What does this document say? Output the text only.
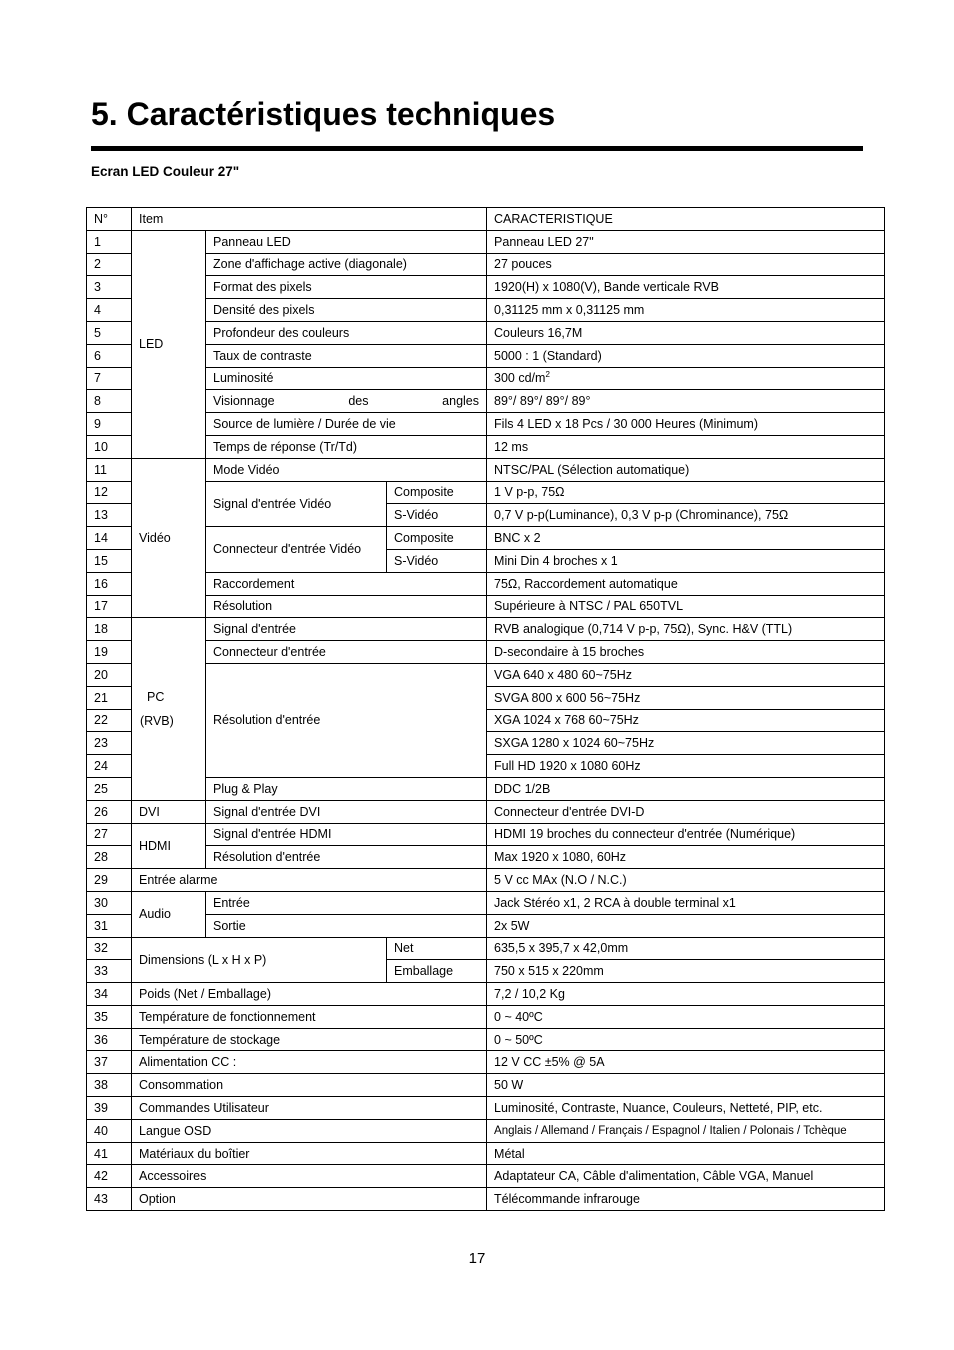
5. Caractéristiques techniques
Ecran LED Couleur 27"
N°	Item			CARACTERISTIQUE
1	LED	Panneau LED		Panneau LED 27"
2		Zone d'affichage active (diagonale)		27 pouces
3		Format des pixels		1920(H) x 1080(V), Bande verticale RVB
4		Densité des pixels		0,31125 mm x 0,31125 mm
5		Profondeur des couleurs		Couleurs 16,7M
6		Taux de contraste		5000 : 1 (Standard)
7		Luminosité		300 $cd/m^2$
8		Visionnage des angles		89°/ 89°/ 89°/ 89°
9		Source de lumière / Durée de vie		Fils 4 LED x 18 Pcs / 30 000 Heures (Minimum)
10		Temps de réponse (Tr/Td)		12 ms
11	Vidéo	Mode Vidéo		NTSC/PAL (Sélection automatique)
12		Signal d'entrée Vidéo	Composite	1 V p-p, 75Ω
13			S-Vidéo	0,7 V p-p(Luminance), 0,3 V p-p (Chrominance), 75Ω
14		Connecteur d'entrée Vidéo	Composite	BNC x 2
15			S-Vidéo	Mini Din 4 broches x 1
16		Raccordement		75Ω, Raccordement automatique
17		Résolution		Supérieure à NTSC / PAL 650TVL
18	PC
(RVB)	Signal d'entrée		RVB analogique (0,714 V p-p, 75Ω), Sync. H&V (TTL)
19		Connecteur d'entrée		D-secondaire à 15 broches
20		Résolution d'entrée		VGA 640 x 480 60~75Hz
21				SVGA 800 x 600 56~75Hz
22				XGA 1024 x 768 60~75Hz
23				SXGA 1280 x 1024 60~75Hz
24				Full HD 1920 x 1080 60Hz
25		Plug & Play		DDC 1/2B
26	DVI	Signal d'entrée DVI		Connecteur d'entrée DVI-D
27	HDMI	Signal d'entrée HDMI		HDMI 19 broches du connecteur d'entrée (Numérique)
28		Résolution d'entrée		Max 1920 x 1080, 60Hz
29	Entrée alarme			5 V cc MAx (N.O / N.C.)
30	Audio	Entrée		Jack Stéréo x1, 2 RCA à double terminal x1
31		Sortie		2x 5W
32	Dimensions (L x H x P)		Net	635,5 x 395,7 x 42,0mm
33			Emballage	750 x 515 x 220mm
34	Poids (Net / Emballage)			7,2 / 10,2 Kg
35	Température de fonctionnement			0 ~ 40ºC
36	Température de stockage			0 ~ 50ºC
37	Alimentation CC :			12 V CC ±5% @ 5A
38	Consommation			50 W
39	Commandes Utilisateur			Luminosité, Contraste, Nuance, Couleurs, Netteté, PIP, etc.
40	Langue OSD			Anglais / Allemand / Français / Espagnol / Italien / Polonais / Tchèque
41	Matériaux du boîtier			Métal
42	Accessoires			Adaptateur CA, Câble d'alimentation, Câble VGA, Manuel
43	Option			Télécommande infrarouge
17
